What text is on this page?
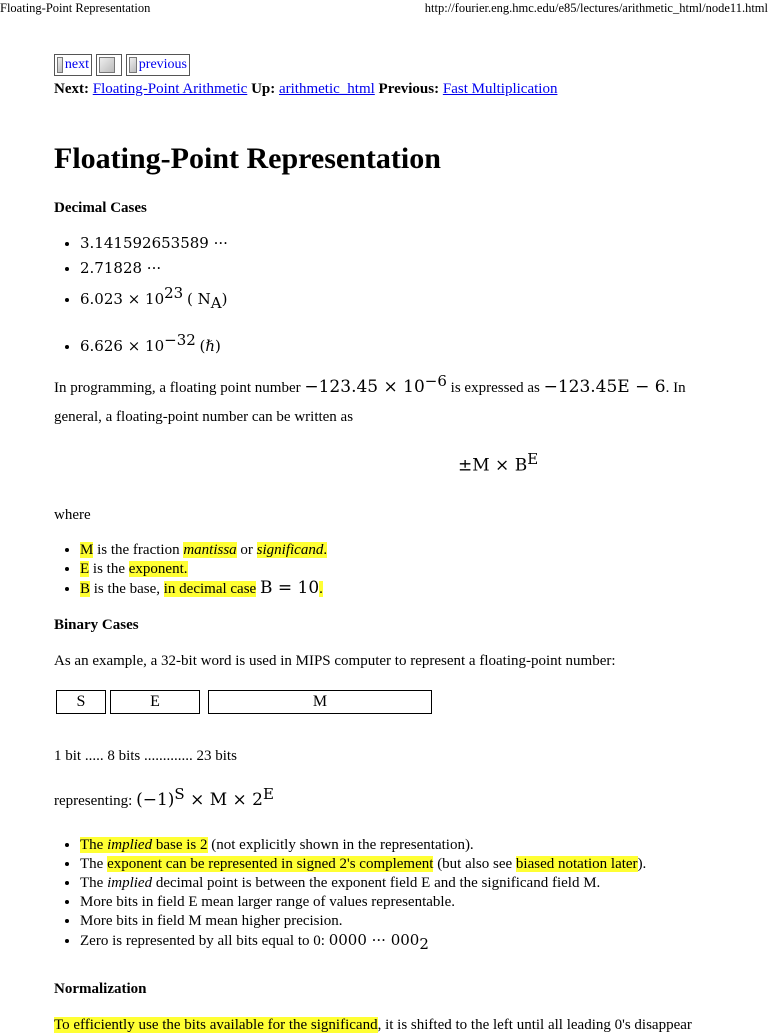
Floating-Point Representation	http://fourier.eng.hmc.edu/e85/lectures/arithmetic_html/node11.html
next	previous
Next: Floating-Point Arithmetic Up: arithmetic_html Previous: Fast Multiplication
Floating-Point Representation
Decimal Cases
• 3.141592653589 ···
• 2.71828 ···
• $6.023 \times 10^{23}$ ( $N_A$)
• $6.626 \times 10^{-32}$ (ℏ)
In programming, a floating point number $-123.45 \times 10^{-6}$ is expressed as −123.45E − 6. In
general, a floating-point number can be written as
$\pm M \times B^E$
where
• M is the fraction mantissa or significand.
• E is the exponent.
• B is the base, in decimal case B = 10.
Binary Cases
As an example, a 32-bit word is used in MIPS computer to represent a floating-point number:
S	E	M
1 bit ..... 8 bits ............. 23 bits
representing: $(-1)^S \times M \times 2^E$
• The implied base is 2 (not explicitly shown in the representation).
• The exponent can be represented in signed 2's complement (but also see biased notation later).
• The implied decimal point is between the exponent field E and the significand field M.
• More bits in field E mean larger range of values representable.
• More bits in field M mean higher precision.
• Zero is represented by all bits equal to 0: 0000 ··· $000_2$
Normalization
To efficiently use the bits available for the significand, it is shifted to the left until all leading 0's disappear
